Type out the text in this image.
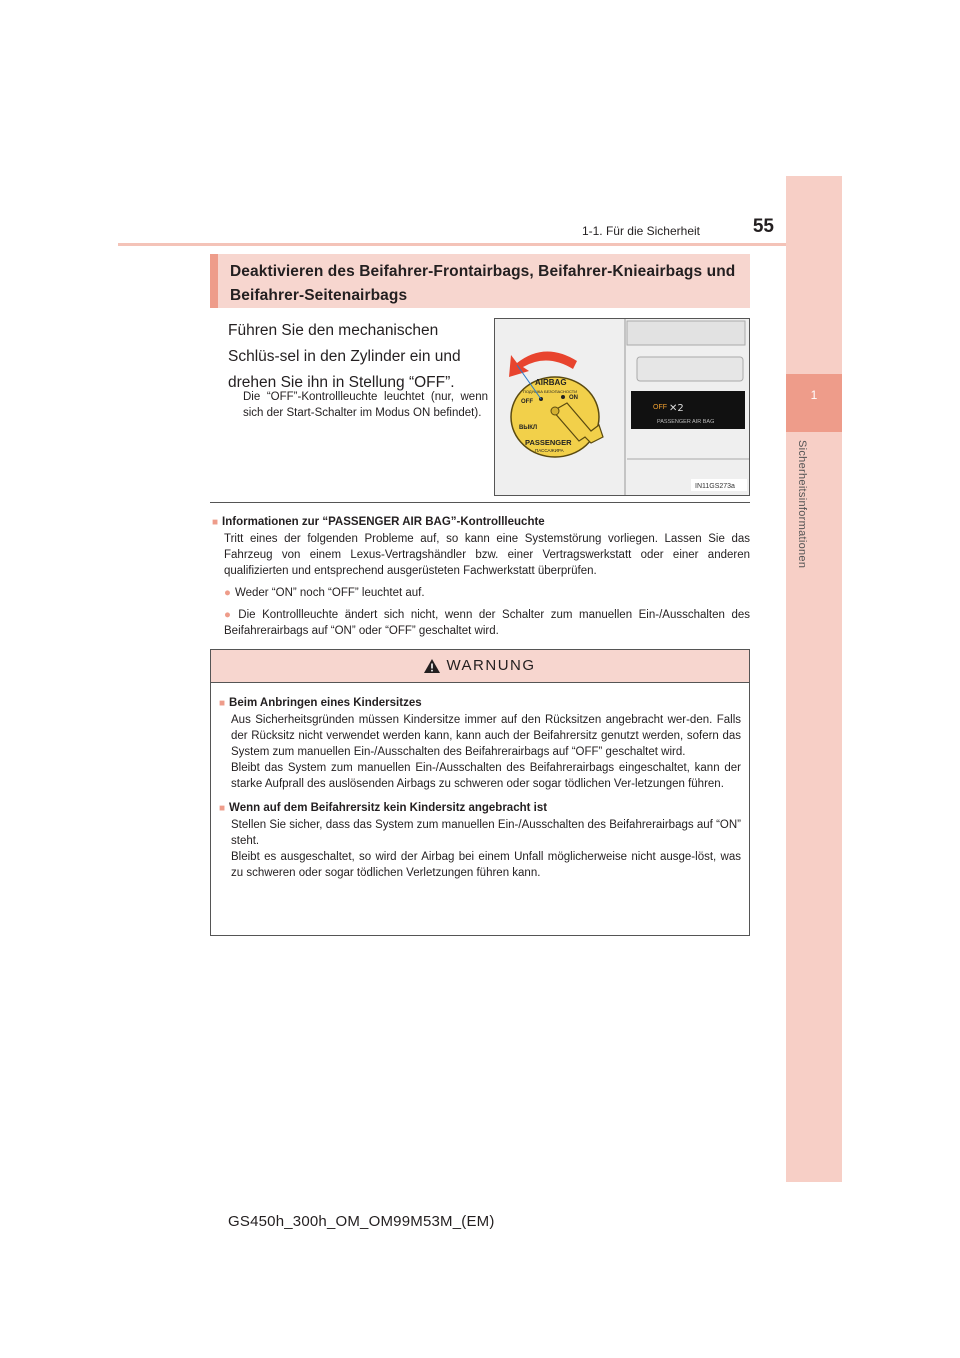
1
Sicherheitsinformationen
1-1. Für die Sicherheit	55
Deaktivieren des Beifahrer-Frontairbags, Beifahrer-Knieairbags und Beifahrer-Seitenairbags
Führen Sie den mechanischen Schlüs-sel in den Zylinder ein und drehen Sie ihn in Stellung “OFF”.
Die “OFF”-Kontrollleuchte leuchtet (nur, wenn sich der Start-Schalter im Modus ON befindet).	OFF ✕2
PASSENGER AIR BAG
AIRBAG
ПОДУШКА БЕЗОПАСНОСТИ
OFF
ON
ВЫКЛ
PASSENGER
ПАССАЖИРА
IN11GS273a
■ Informationen zur “PASSENGER AIR BAG”-Kontrollleuchte
Tritt eines der folgenden Probleme auf, so kann eine Systemstörung vorliegen. Lassen Sie das Fahrzeug von einem Lexus-Vertragshändler bzw. einer Vertragswerkstatt oder einer anderen qualifizierten und entsprechend ausgerüsteten Fachwerkstatt überprüfen.
● Weder “ON” noch “OFF” leuchtet auf.
● Die Kontrollleuchte ändert sich nicht, wenn der Schalter zum manuellen Ein-/Ausschalten des Beifahrerairbags auf “ON” oder “OFF” geschaltet wird.
WARNUNG
■ Beim Anbringen eines Kindersitzes
Aus Sicherheitsgründen müssen Kindersitze immer auf den Rücksitzen angebracht wer-den. Falls der Rücksitz nicht verwendet werden kann, kann auch der Beifahrersitz genutzt werden, sofern das System zum manuellen Ein-/Ausschalten des Beifahrerairbags auf “OFF” geschaltet wird.
Bleibt das System zum manuellen Ein-/Ausschalten des Beifahrerairbags eingeschaltet, kann der starke Aufprall des auslösenden Airbags zu schweren oder sogar tödlichen Ver-letzungen führen.
■ Wenn auf dem Beifahrersitz kein Kindersitz angebracht ist
Stellen Sie sicher, dass das System zum manuellen Ein-/Ausschalten des Beifahrerairbags auf “ON” steht.
Bleibt es ausgeschaltet, so wird der Airbag bei einem Unfall möglicherweise nicht ausge-löst, was zu schweren oder sogar tödlichen Verletzungen führen kann.
GS450h_300h_OM_OM99M53M_(EM)
carmanualsonline.info
